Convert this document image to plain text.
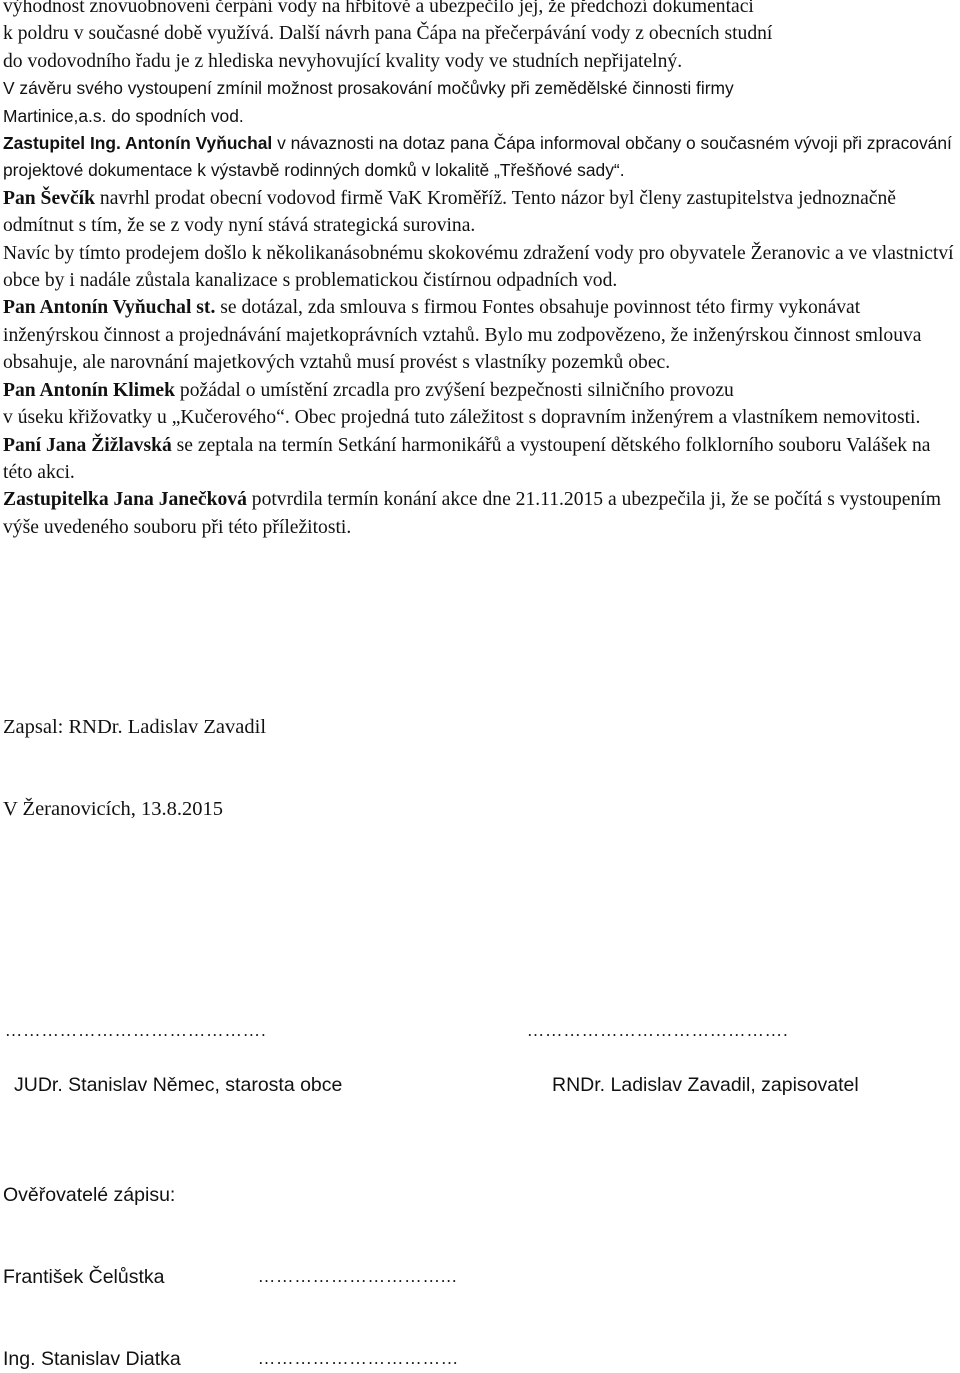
výhodnost znovuobnovení čerpání vody na hřbitově a ubezpečilo jej, že předchozí dokumentaci
k poldru v současné době využívá. Další návrh pana Čápa na přečerpávání vody z obecních studní
do vodovodního řadu je z hlediska nevyhovující kvality vody ve studních nepřijatelný.
V závěru svého vystoupení zmínil možnost prosakování močůvky při zemědělské činnosti firmy
Martinice,a.s. do spodních vod.

Zastupitel Ing. Antonín Vyňuchal v návaznosti na dotaz pana Čápa informoval občany o současném vývoji při zpracování projektové dokumentace k výstavbě rodinných domků v lokalitě „Třešňové sady“.

Pan Ševčík navrhl prodat obecní vodovod firmě VaK Kroměříž. Tento názor byl členy zastupitelstva jednoznačně odmítnut s tím, že se z vody nyní stává strategická surovina.

Navíc by tímto prodejem došlo k několikanásobnému skokovému zdražení vody pro obyvatele Žeranovic a ve vlastnictví obce by i nadále zůstala kanalizace s problematickou čistírnou odpadních vod.

Pan Antonín Vyňuchal st. se dotázal, zda smlouva s firmou Fontes obsahuje povinnost této firmy vykonávat inženýrskou činnost a projednávání majetkoprávních vztahů. Bylo mu zodpovězeno, že inženýrskou činnost smlouva obsahuje, ale narovnání majetkových vztahů musí provést s vlastníky pozemků obec.

Pan Antonín Klimek požádal o umístění zrcadla pro zvýšení bezpečnosti silničního provozu
v úseku křižovatky u „Kučerového“. Obec projedná tuto záležitost s dopravním inženýrem a vlastníkem nemovitosti.

Paní Jana Žižlavská se zeptala na termín Setkání harmonikářů a vystoupení dětského folklorního souboru Valášek na této akci.

Zastupitelka Jana Janečková potvrdila termín konání akce dne 21.11.2015 a ubezpečila ji, že se počítá s vystoupením výše uvedeného souboru při této příležitosti.

Zapsal: RNDr. Ladislav Zavadil
V Žeranovicích, 13.8.2015
…………………………………….	…………………………………….
JUDr. Stanislav Němec, starosta obce	RNDr. Ladislav Zavadil, zapisovatel
Ověřovatelé zápisu:
František Čelůstka	…………………………...
Ing. Stanislav Diatka	……………………………
